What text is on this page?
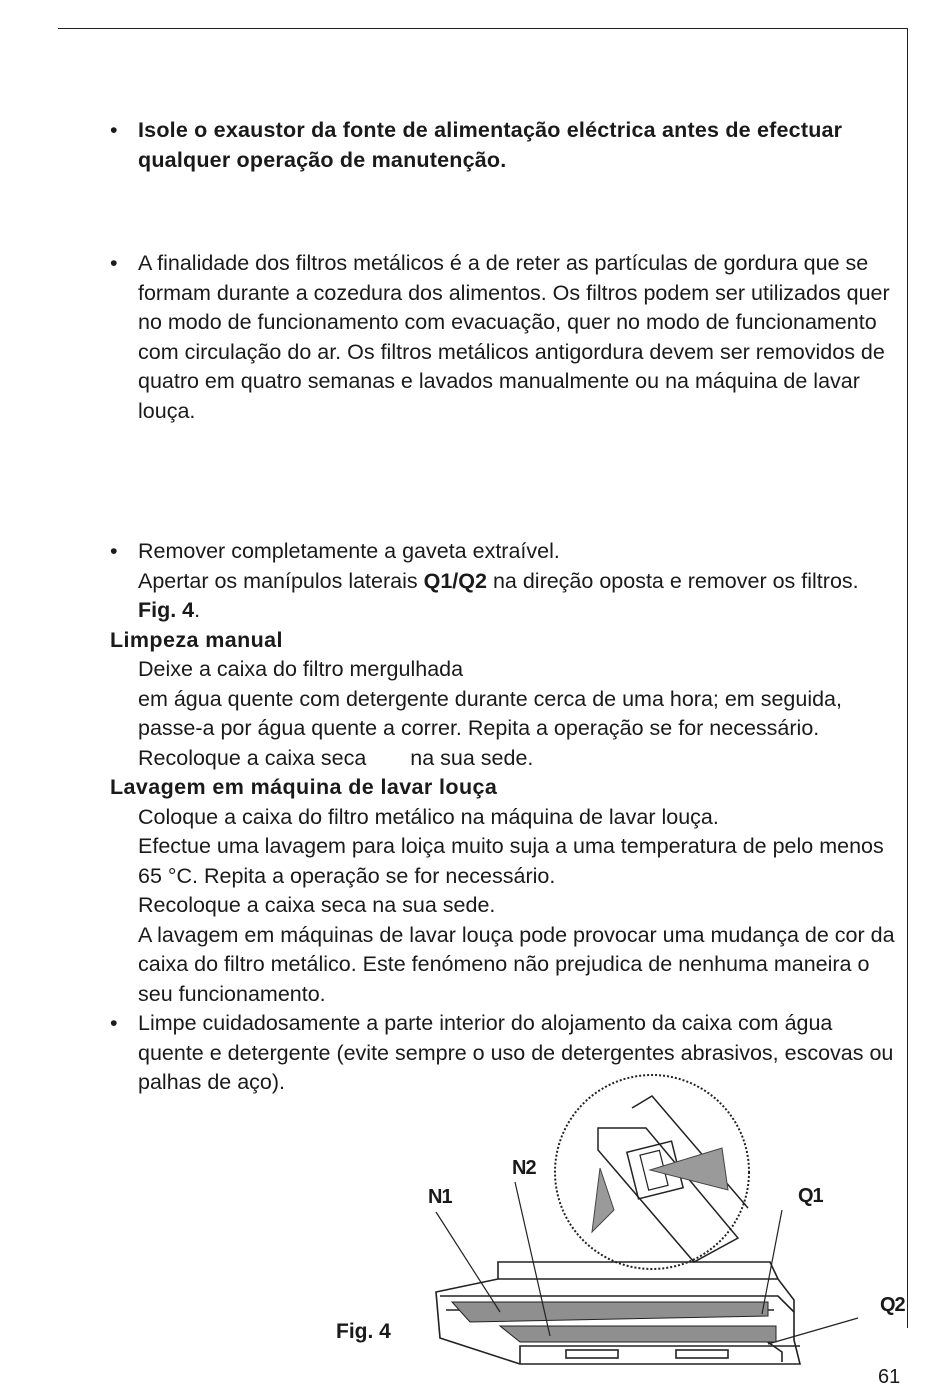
• Isole o exaustor da fonte de alimentação eléctrica antes de efectuar qualquer operação de manutenção.
• A finalidade dos filtros metálicos é a de reter as partículas de gordura que se formam durante a cozedura dos alimentos. Os filtros podem ser utilizados quer no modo de funcionamento com evacuação, quer no modo de funcionamento com circulação do ar. Os filtros metálicos antigordura devem ser removidos de quatro em quatro semanas e lavados manualmente ou na máquina de lavar louça.
• Remover completamente a gaveta extraível.
Apertar os manípulos laterais Q1/Q2 na direção oposta e remover os filtros. Fig. 4.
Limpeza manual
Deixe a caixa do filtro mergulhada
em água quente com detergente durante cerca de uma hora; em seguida, passe-a por água quente a correr. Repita a operação se for necessário. Recoloque a caixa seca na sua sede.
Lavagem em máquina de lavar louça
Coloque a caixa do filtro metálico na máquina de lavar louça.
Efectue uma lavagem para loiça muito suja a uma temperatura de pelo menos 65 °C. Repita a operação se for necessário.
Recoloque a caixa seca na sua sede.
A lavagem em máquinas de lavar louça pode provocar uma mudança de cor da caixa do filtro metálico. Este fenómeno não prejudica de nenhuma maneira o seu funcionamento.
• Limpe cuidadosamente a parte interior do alojamento da caixa com água quente e detergente (evite sempre o uso de detergentes abrasivos, escovas ou palhas de aço).
N1
N2
Q1
Q2
Fig. 4
61
